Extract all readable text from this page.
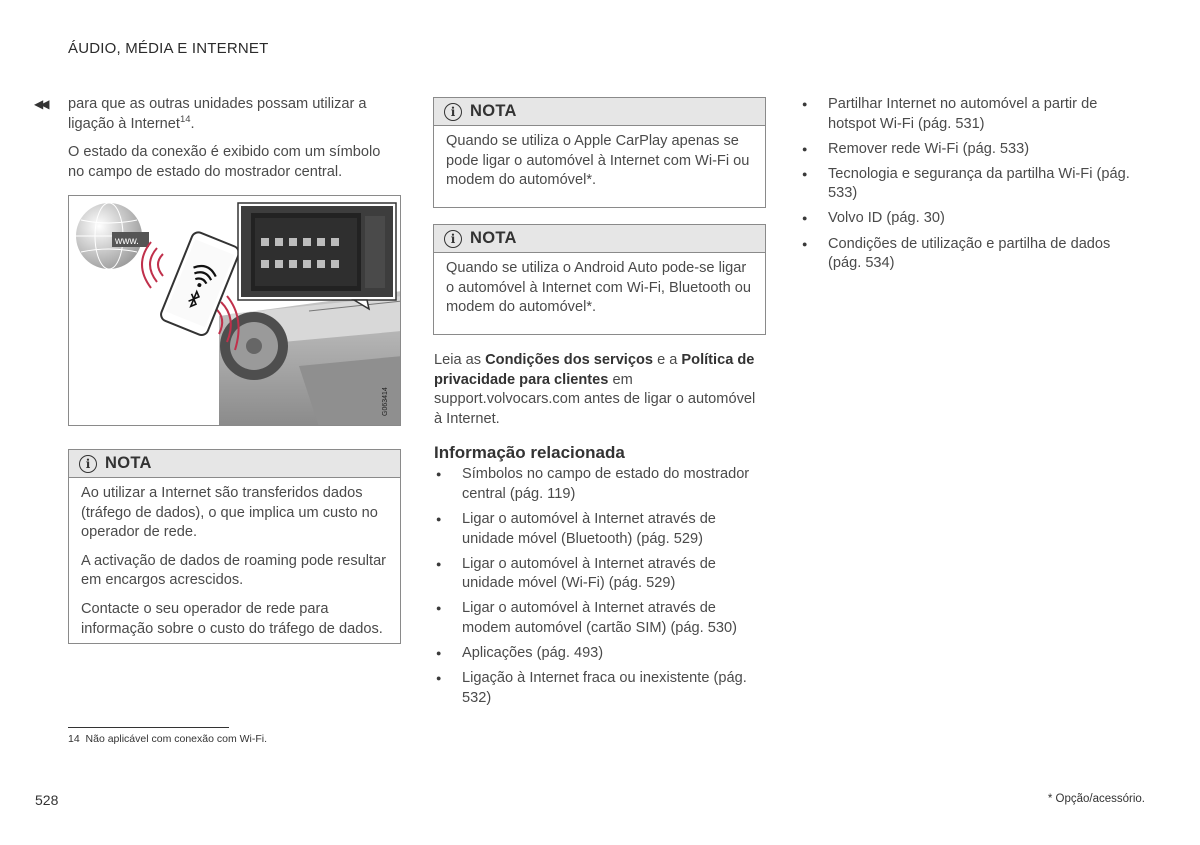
ÁUDIO, MÉDIA E INTERNET
◀◀ para que as outras unidades possam utilizar a ligação à Internet$^{14}$.

O estado da conexão é exibido com um símbolo no campo de estado do mostrador central.

www.
G063414
i NOTA

Ao utilizar a Internet são transferidos dados (tráfego de dados), o que implica um custo no operador de rede.

A activação de dados de roaming pode resultar em encargos acrescidos.

Contacte o seu operador de rede para informação sobre o custo do tráfego de dados.

i NOTA

Quando se utiliza o Apple CarPlay apenas se pode ligar o automóvel à Internet com Wi-Fi ou modem do automóvel*.

i NOTA

Quando se utiliza o Android Auto pode-se ligar o automóvel à Internet com Wi-Fi, Bluetooth ou modem do automóvel*.

Leia as Condições dos serviços e a Política de privacidade para clientes em support.volvocars.com antes de ligar o automóvel à Internet.

Informação relacionada
● Símbolos no campo de estado do mostrador central (pág. 119)
● Ligar o automóvel à Internet através de unidade móvel (Bluetooth) (pág. 529)
● Ligar o automóvel à Internet através de unidade móvel (Wi-Fi) (pág. 529)
● Ligar o automóvel à Internet através de modem automóvel (cartão SIM) (pág. 530)
● Aplicações (pág. 493)
● Ligação à Internet fraca ou inexistente (pág. 532)
● Partilhar Internet no automóvel a partir de hotspot Wi-Fi (pág. 531)
● Remover rede Wi-Fi (pág. 533)
● Tecnologia e segurança da partilha Wi-Fi (pág. 533)
● Volvo ID (pág. 30)
● Condições de utilização e partilha de dados (pág. 534)
14 Não aplicável com conexão com Wi-Fi.
528	* Opção/acessório.
